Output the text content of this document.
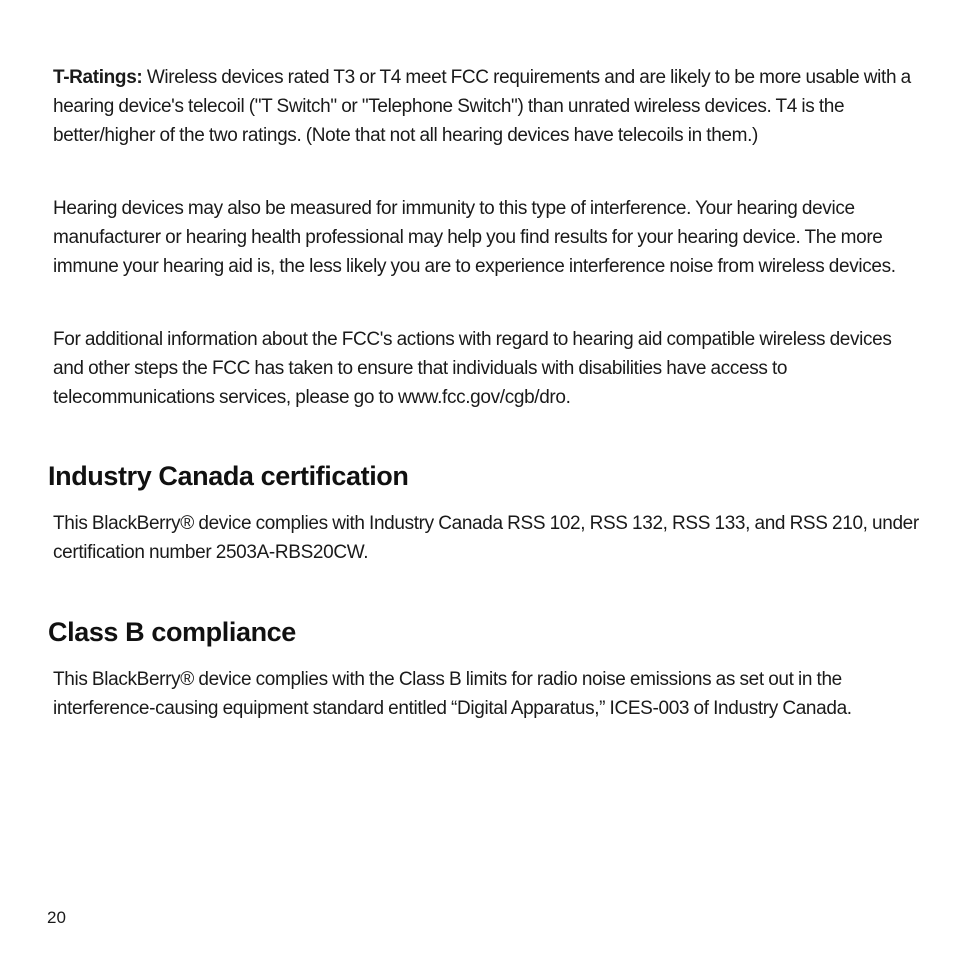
T-Ratings: Wireless devices rated T3 or T4 meet FCC requirements and are likely to be more usable with a hearing device's telecoil ("T Switch" or "Telephone Switch") than unrated wireless devices. T4 is the better/higher of the two ratings. (Note that not all hearing devices have telecoils in them.)

Hearing devices may also be measured for immunity to this type of interference. Your hearing device manufacturer or hearing health professional may help you find results for your hearing device. The more immune your hearing aid is, the less likely you are to experience interference noise from wireless devices.

For additional information about the FCC's actions with regard to hearing aid compatible wireless devices and other steps the FCC has taken to ensure that individuals with disabilities have access to telecommunications services, please go to www.fcc.gov/cgb/dro.

Industry Canada certification

This BlackBerry® device complies with Industry Canada RSS 102, RSS 132, RSS 133, and RSS 210, under certification number 2503A-RBS20CW.

Class B compliance

This BlackBerry® device complies with the Class B limits for radio noise emissions as set out in the interference-causing equipment standard entitled “Digital Apparatus,” ICES-003 of Industry Canada.

20
